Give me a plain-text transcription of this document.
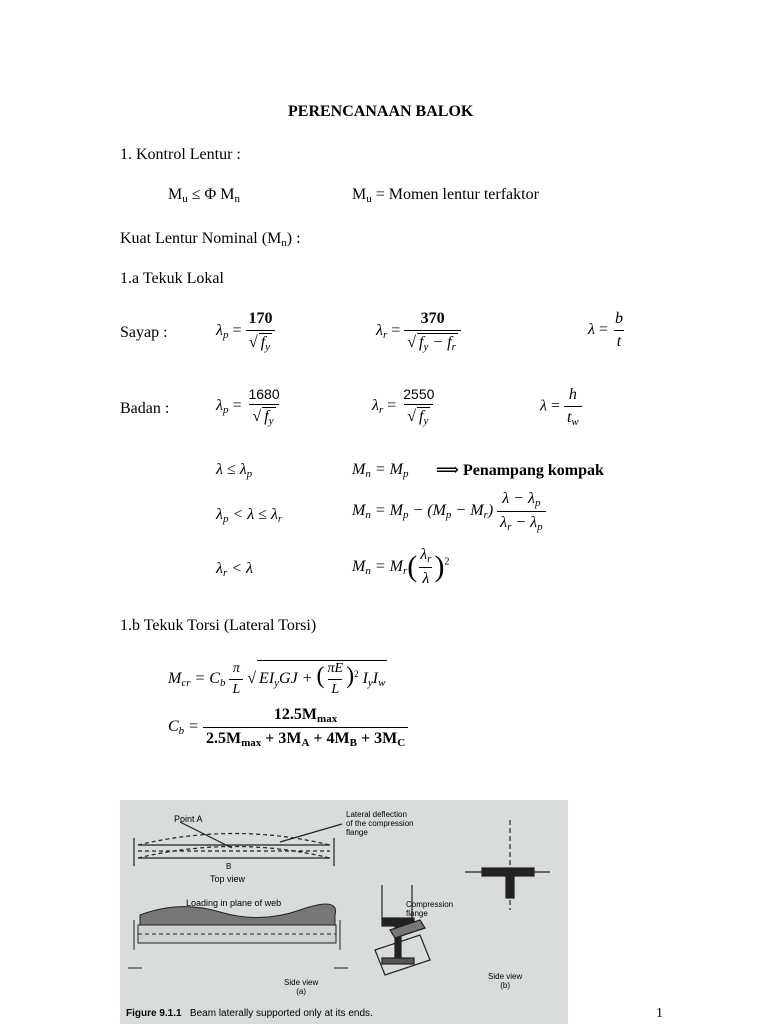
PERENCANAAN BALOK
1. Kontrol Lentur :
$M_u \le \Phi$ $M_n$	$M_u$ = Momen lentur terfaktor
Kuat Lentur Nominal $(M_n)$ :
1.a Tekuk Lokal
Sayap :	$\lambda_p = \frac{170}{√ f_y}$	$\lambda_r = \frac{370}{√ f_y - f_r}$	$\lambda = \frac{b}{t}$
Badan :	$\lambda_p = \frac{1680}{√ f_y}$	$\lambda_r = \frac{2550}{√ f_y}$	$\lambda = \frac{h}{t_w}$
$\lambda \le \lambda_p$	$M_n = M_p$ ⟹ Penampang kompak
$\lambda_p < \lambda \le \lambda_r$	$M_n = M_p - (M_p - M_r) \frac{\lambda - \lambda_p}{\lambda_r - \lambda_p}$
$\lambda_r < \lambda$	$M_n = M_r( \frac{\lambda_r}{\lambda} )^2$
1.b Tekuk Torsi (Lateral Torsi)
$M_{cr} = C_b \frac{\pi}{L}$ √ $EI_yGJ$ + ( $\frac{\pi E}{L} )^2$ $I_yI_w$
$C_b = \frac{12.5M_{max}}{2.5M_{max} + 3M_A + 4M_B + 3M_C}$
Point A	Lateral deflection
of the compression
flange
B
Top view
Loading in plane of web	Compression
flange
Side view
(a)
Side view
(b)
Figure 9.1.1 Beam laterally supported only at its ends.	1
